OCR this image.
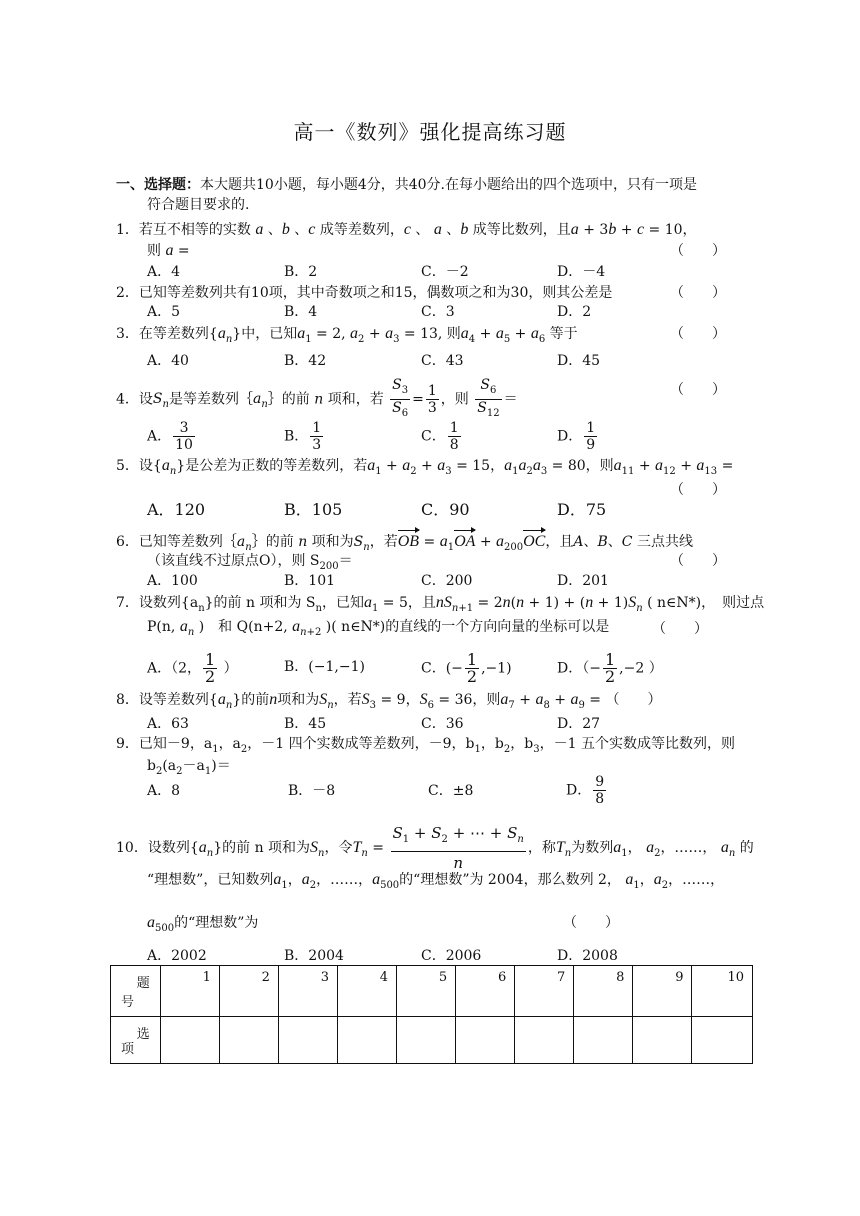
高一《数列》强化提高练习题
一、选择题：本大题共10小题，每小题4分，共40分.在每小题给出的四个选项中，只有一项是
符合题目要求的.
1．若互不相等的实数 a 、b 、c 成等差数列，c 、 a 、b 成等比数列，且a + 3b + c = 10，
则 a =	（　　）
A．4	B．2	C．－2	D．－4
2．已知等差数列共有10项，其中奇数项之和15，偶数项之和为30，则其公差是	（　　）
A．5	B．4	C．3	D．2
3．在等差数列$\{a_n\}$中，已知$a_1 = 2$, $a_2 + a_3 = 13$, 则$a_4 + a_5 + a_6$ 等于	（　　）
A．40	B．42	C．43	D．45
4．设$S_n$是等差数列$\{a_n\}$的前 n 项和，若 $\frac{S_3}{S_6} = \frac{1}{3}$ ，则 $\frac{S_6}{S_{12}}$ ＝
（　　）
A． $\frac{3}{10}$	B． $\frac{1}{3}$	C． $\frac{1}{8}$	D． $\frac{1}{9}$
5．设$\{a_n\}$是公差为正数的等差数列，若$a_1 + a_2 + a_3 = 15$，$a_1a_2a_3 = 80$，则$a_{11} + a_{12} + a_{13}$ =
（　　）
A．120	B．105	C．90	D．75
6．已知等差数列$\{a_n\}$的前 n 项和为$S_n$，若OB = $a_1OA + a_{200}OC$，且A、B、C 三点共线
（该直线不过原点O），则 $S_{200}=$	（　　）
A．100	B．101	C．200	D．201
7．设数列$\{a_n\}$的前 n 项和为 $S_n$，已知$a_1 = 5$，且$nS_{n+1} = 2n(n + 1) + (n + 1)S_n$ ( n∈N*)，　则过点
P(n, $a_n$ )　和 Q(n+2, $a_{n+2}$ )( n∈N*)的直线的一个方向向量的坐标可以是	（　　）
A．（2， $\frac{1}{2}$ ）	B．(−1,−1)	C．(− $\frac{1}{2} ,-1$)	D．（− $\frac{1}{2} ,-2$ ）
8．设等差数列$\{a_n\}$的前n项和为$S_n$，若$S_3 = 9$，$S_6 = 36$，则$a_7 + a_8 + a_9$ = （　　）
A．63	B．45	C．36	D．27
9．已知－9，$a_1$，$a_2$，－1 四个实数成等差数列，－9，$b_1$，$b_2$，$b_3$，－1 五个实数成等比数列，则
$b_2(a_2-a_1)=$
A．8	B．－8	C．±8	D． $\frac{9}{8}$
10．设数列$\{a_n\}$的前 n 项和为$S_n$，令$T_n = \frac{S_1 + S_2 + \cdots + S_n}{n}$ ，称$T_n$为数列$a_1$， $a_2$，……， $a_n$ 的
“理想数”，已知数列$a_1$，$a_2$，……，$a_{500}$的“理想数”为 2004，那么数列 2， $a_1$，$a_2$，……，
$a_{500}$的“理想数”为	（　　）
A．2002	B．2004	C．2006	D．2008
题
号	1	2	3	4	5	6	7	8	9	10

选
项										
